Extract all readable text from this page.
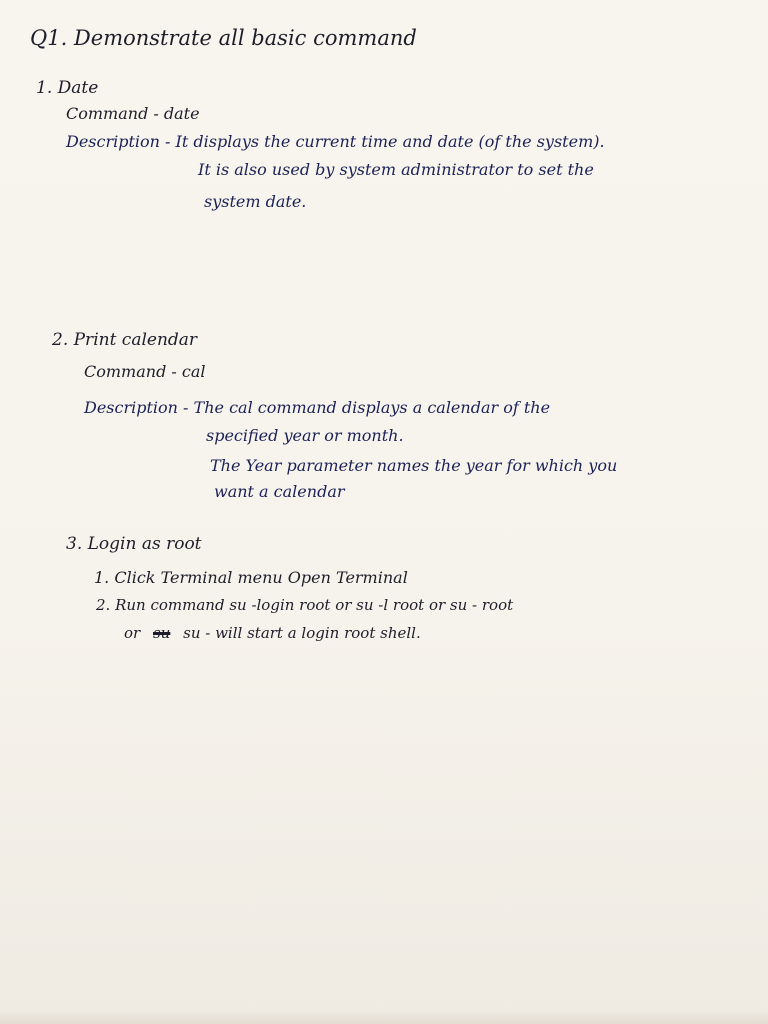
Q1. Demonstrate all basic command
1. Date
Command - date
Description - It displays the current time and date (of the system).
It is also used by system administrator to set the
system date.
2. Print calendar
Command - cal
Description - The cal command displays a calendar of the
specified year or month.
The Year parameter names the year for which you
want a calendar
3. Login as root
1. Click Terminal menu Open Terminal
2. Run command su -login root or su -l root or su - root
or su su - will start a login root shell.
